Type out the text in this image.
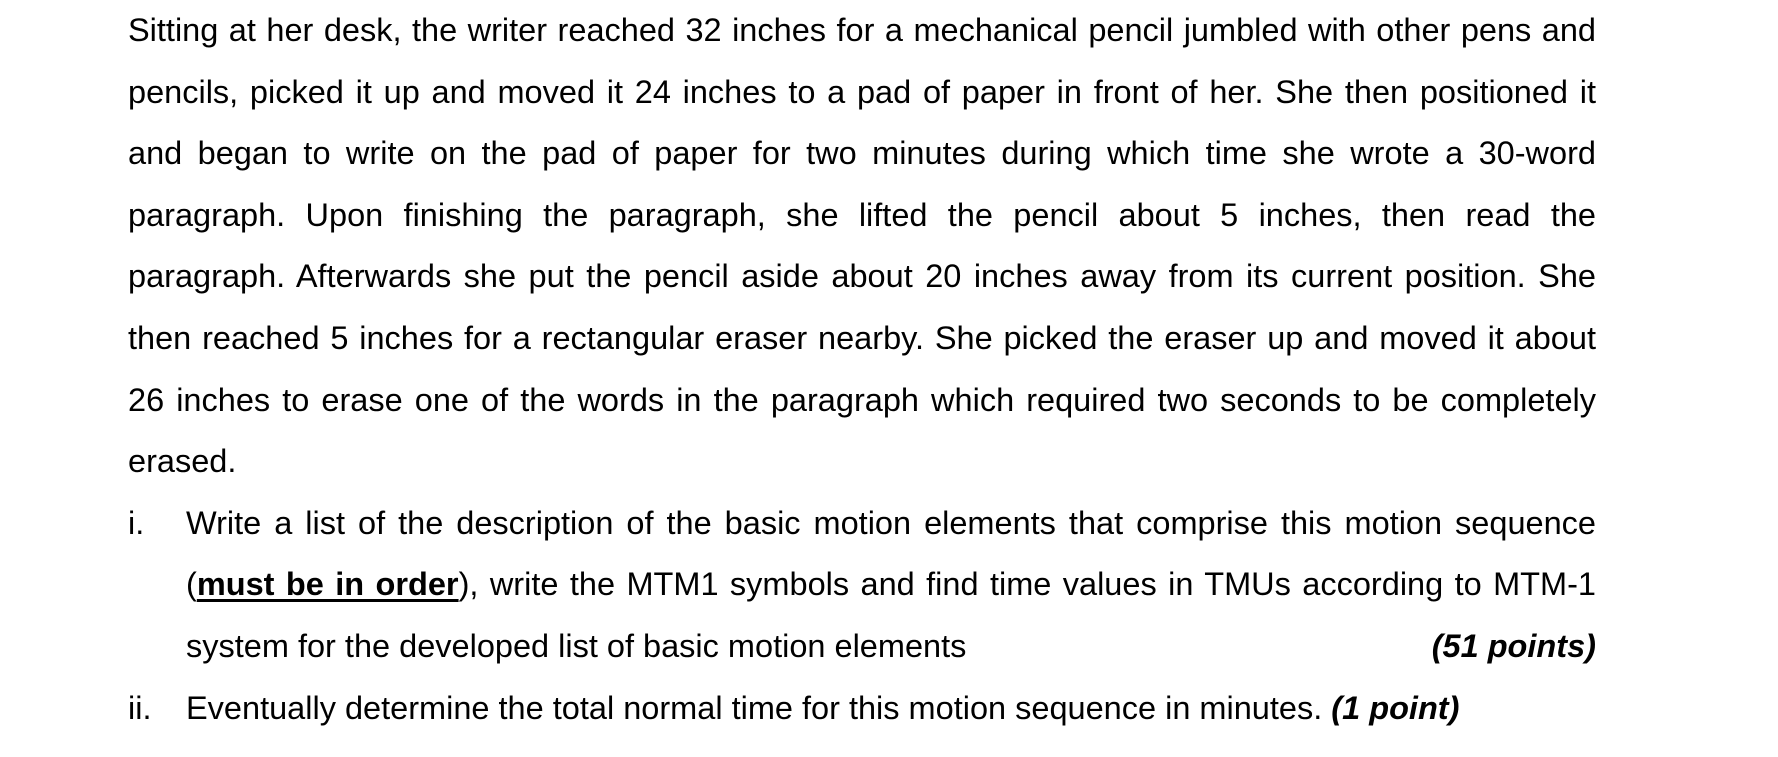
Sitting at her desk, the writer reached 32 inches for a mechanical pencil jumbled with other pens and pencils, picked it up and moved it 24 inches to a pad of paper in front of her. She then positioned it and began to write on the pad of paper for two minutes during which time she wrote a 30-word paragraph. Upon finishing the paragraph, she lifted the pencil about 5 inches, then read the paragraph. Afterwards she put the pencil aside about 20 inches away from its current position. She then reached 5 inches for a rectangular eraser nearby. She picked the eraser up and moved it about 26 inches to erase one of the words in the paragraph which required two seconds to be completely erased.

i.	Write a list of the description of the basic motion elements that comprise this motion sequence (must be in order), write the MTM1 symbols and find time values in TMUs according to MTM-1 system for the developed list of basic motion elements	(51 points)
ii.	Eventually determine the total normal time for this motion sequence in minutes. (1 point)
